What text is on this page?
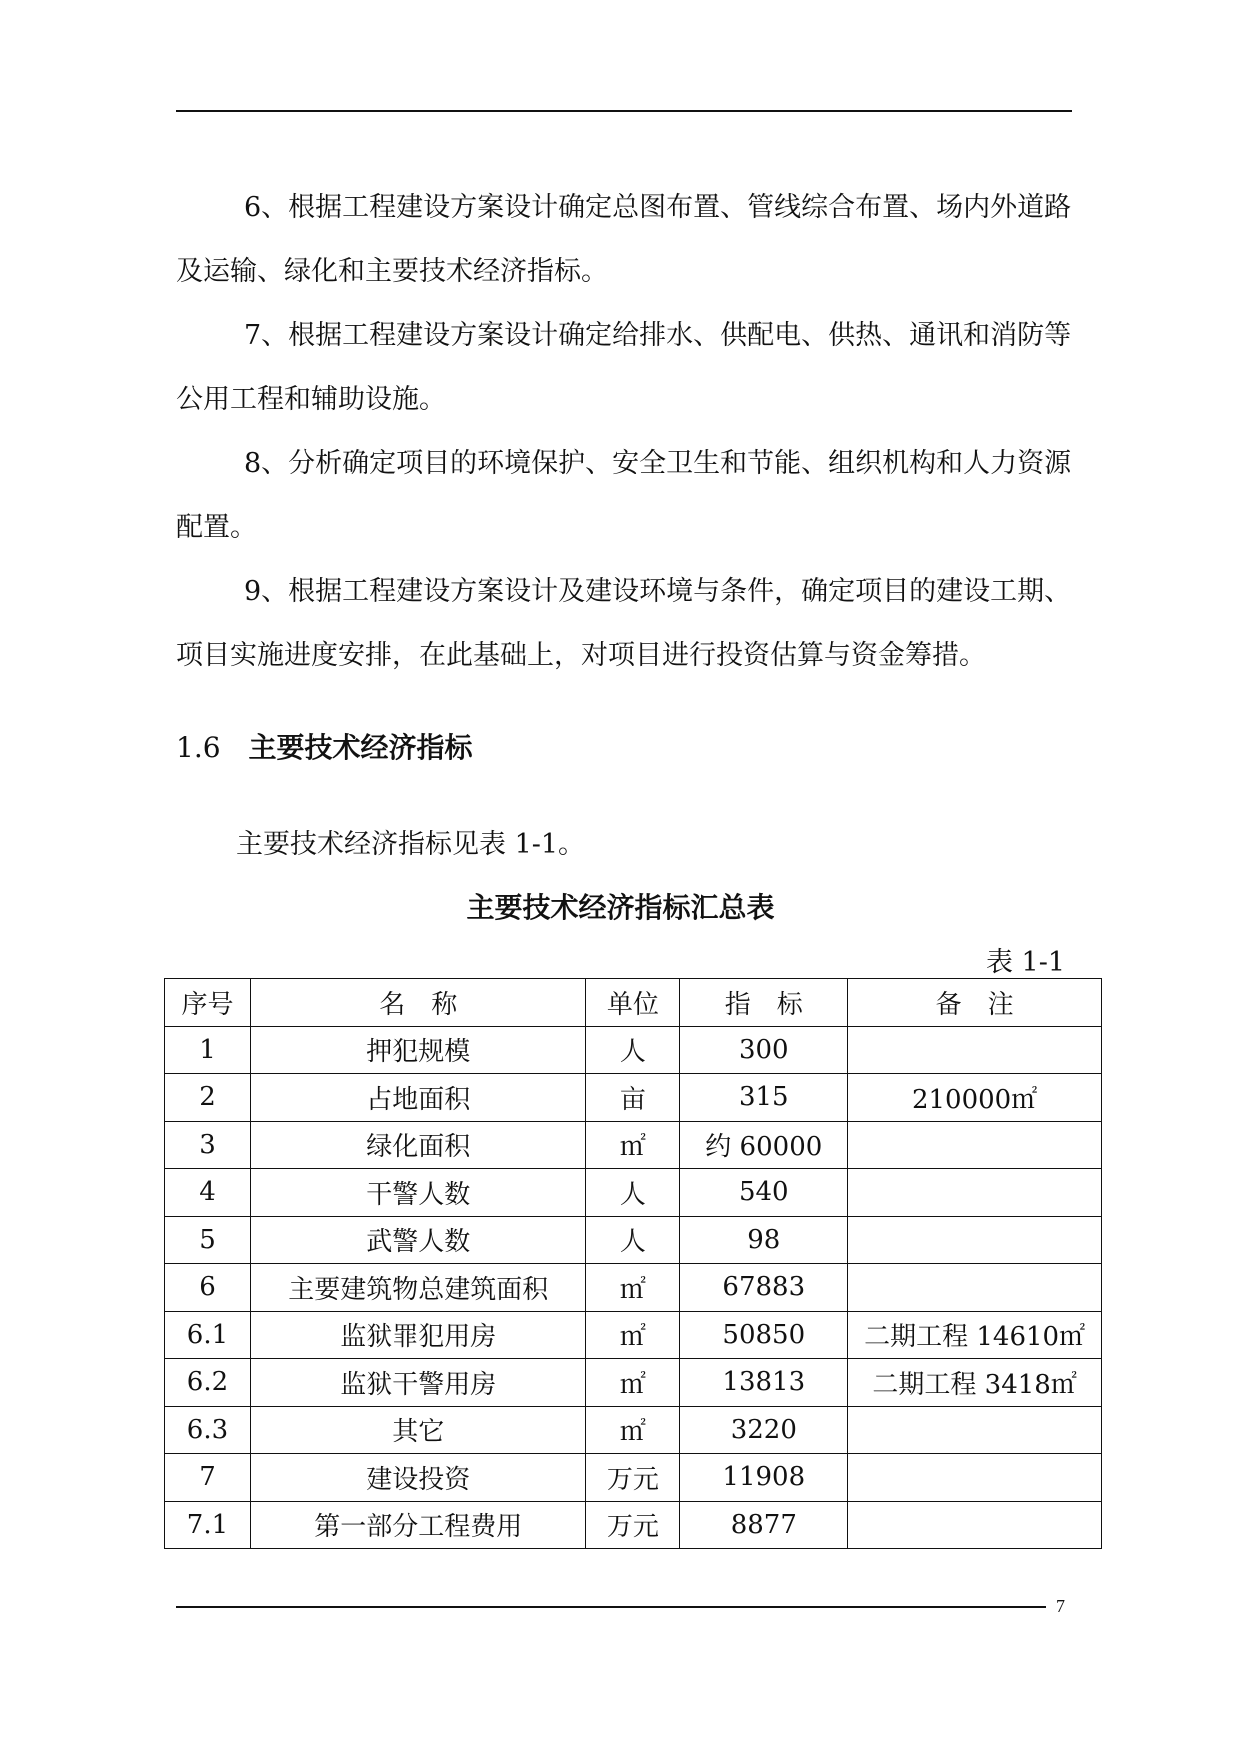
6、根据工程建设方案设计确定总图布置、管线综合布置、场内外道路及运输、绿化和主要技术经济指标。

7、根据工程建设方案设计确定给排水、供配电、供热、通讯和消防等公用工程和辅助设施。

8、分析确定项目的环境保护、安全卫生和节能、组织机构和人力资源配置。

9、根据工程建设方案设计及建设环境与条件，确定项目的建设工期、项目实施进度安排，在此基础上，对项目进行投资估算与资金筹措。

1.6 主要技术经济指标
主要技术经济指标见表 1-1。
主要技术经济指标汇总表
表 1-1
序号	名　称	单位	指　标	备　注
1	押犯规模	人	300	
2	占地面积	亩	315	210000㎡
3	绿化面积	㎡	约 60000	
4	干警人数	人	540	
5	武警人数	人	98	
6	主要建筑物总建筑面积	㎡	67883	
6.1	监狱罪犯用房	㎡	50850	二期工程 14610㎡
6.2	监狱干警用房	㎡	13813	二期工程 3418㎡
6.3	其它	㎡	3220	
7	建设投资	万元	11908	
7.1	第一部分工程费用	万元	8877	
7
